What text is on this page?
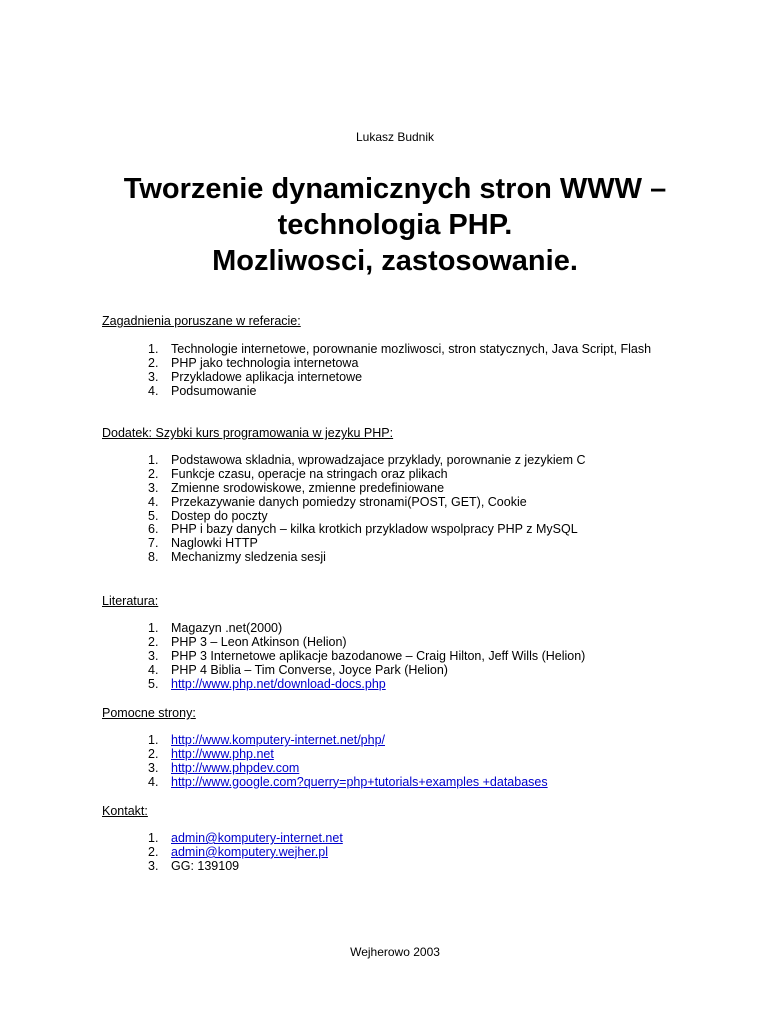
Lukasz Budnik
Tworzenie dynamicznych stron WWW –
technologia PHP.
Mozliwosci, zastosowanie.
Zagadnienia poruszane w referacie:
1. Technologie internetowe, porownanie mozliwosci, stron statycznych, Java Script, Flash
2. PHP jako technologia internetowa
3. Przykladowe aplikacja internetowe
4. Podsumowanie
Dodatek: Szybki kurs programowania w jezyku PHP:
1. Podstawowa skladnia, wprowadzajace przyklady, porownanie z jezykiem C
2. Funkcje czasu, operacje na stringach oraz plikach
3. Zmienne srodowiskowe, zmienne predefiniowane
4. Przekazywanie danych pomiedzy stronami(POST, GET), Cookie
5. Dostep do poczty
6. PHP i bazy danych – kilka krotkich przykladow wspolpracy PHP z MySQL
7. Naglowki HTTP
8. Mechanizmy sledzenia sesji
Literatura:
1. Magazyn .net(2000)
2. PHP 3 – Leon Atkinson (Helion)
3. PHP 3 Internetowe aplikacje bazodanowe – Craig Hilton, Jeff Wills (Helion)
4. PHP 4 Biblia – Tim Converse, Joyce Park (Helion)
5. http://www.php.net/download-docs.php
Pomocne strony:
1. http://www.komputery-internet.net/php/
2. http://www.php.net
3. http://www.phpdev.com
4. http://www.google.com?querry=php+tutorials+examples +databases
Kontakt:
1. admin@komputery-internet.net
2. admin@komputery.wejher.pl
3. GG: 139109
Wejherowo 2003
